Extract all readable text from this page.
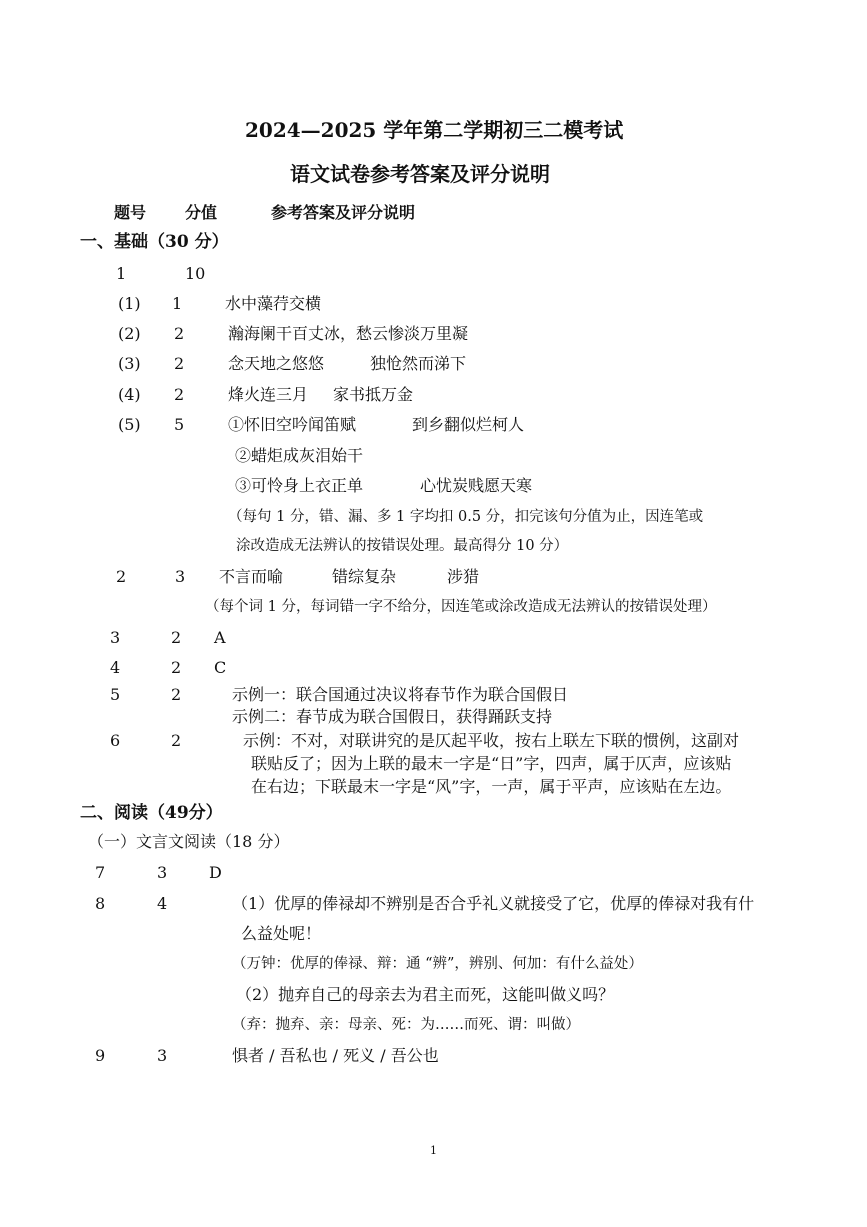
2024—2025 学年第二学期初三二模考试
语文试卷参考答案及评分说明
题号 分值	参考答案及评分说明
一、基础（30 分）
1	10
(1) 1	水中藻荇交横
(2) 2	瀚海阑干百丈冰，愁云惨淡万里凝
(3) 2	念天地之悠悠	独怆然而涕下
(4) 2	烽火连三月 家书抵万金
(5) 5	①怀旧空吟闻笛赋	到乡翻似烂柯人
②蜡炬成灰泪始干
③可怜身上衣正单	心忧炭贱愿天寒
（每句 1 分，错、漏、多 1 字均扣 0.5 分，扣完该句分值为止，因连笔或
涂改造成无法辨认的按错误处理。最高得分 10 分）
2	3 不言而喻	错综复杂	涉猎
（每个词 1 分，每词错一字不给分，因连笔或涂改造成无法辨认的按错误处理）
3	2 A
4	2 C
5	2	示例一：联合国通过决议将春节作为联合国假日
示例二：春节成为联合国假日，获得踊跃支持
6	2	示例：不对，对联讲究的是仄起平收，按右上联左下联的惯例，这副对
联贴反了；因为上联的最末一字是“日”字，四声，属于仄声，应该贴
在右边；下联最末一字是“风”字，一声，属于平声，应该贴在左边。
二、阅读（49分）
（一）文言文阅读（18 分）
7	3	D
8	4	（1）优厚的俸禄却不辨别是否合乎礼义就接受了它，优厚的俸禄对我有什
么益处呢！
（万钟：优厚的俸禄、辩：通 “辨”，辨别、何加：有什么益处）
（2）抛弃自己的母亲去为君主而死，这能叫做义吗？
（弃：抛弃、亲：母亲、死：为……而死、谓：叫做）
9	3	惧者 / 吾私也 / 死义 / 吾公也
1
